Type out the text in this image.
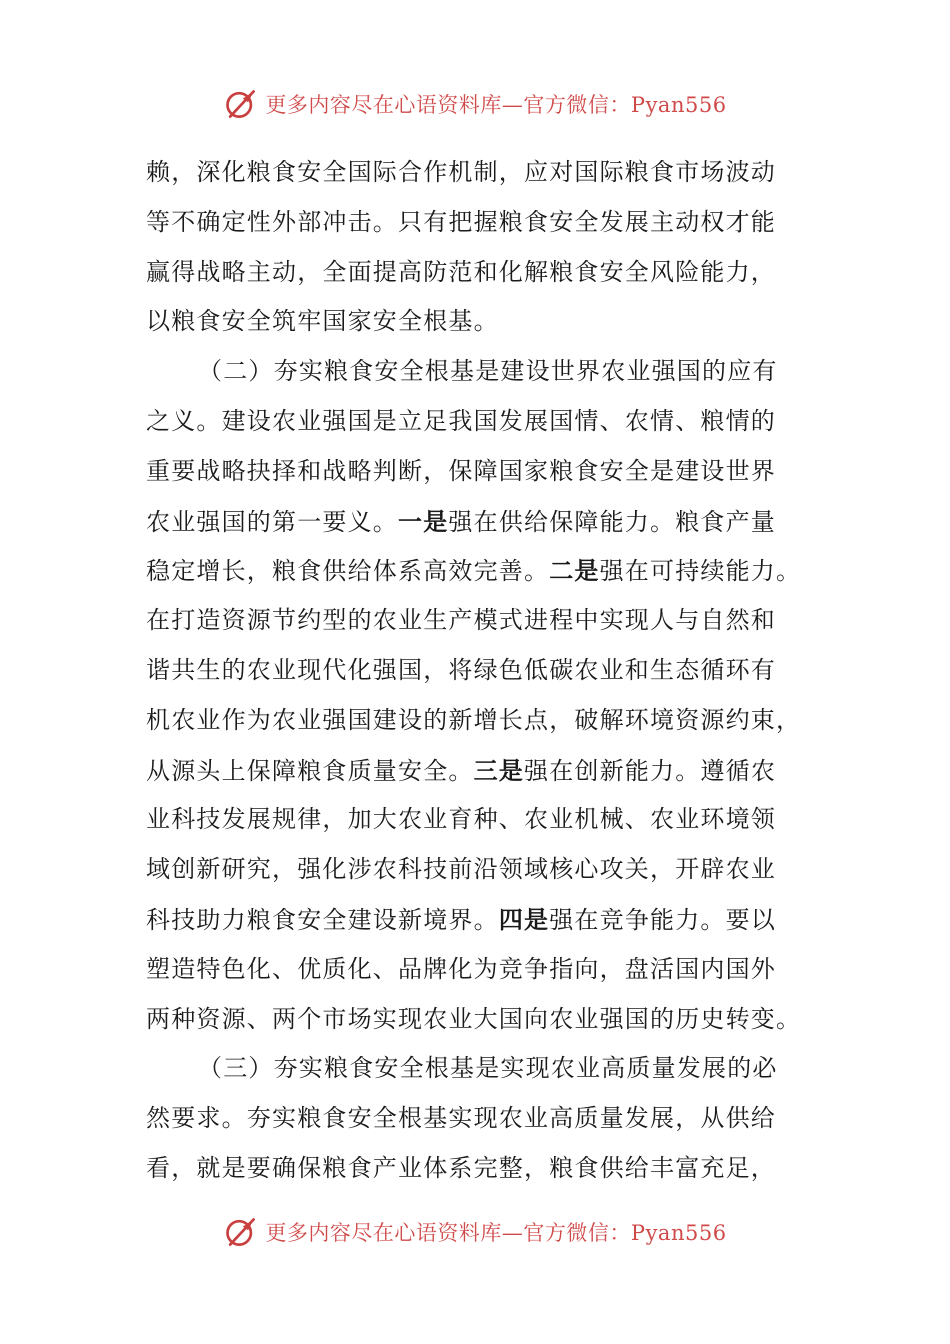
更多内容尽在心语资料库—官方微信：Pyan556
赖，深化粮食安全国际合作机制，应对国际粮食市场波动
等不确定性外部冲击。只有把握粮食安全发展主动权才能
赢得战略主动，全面提高防范和化解粮食安全风险能力，
以粮食安全筑牢国家安全根基。
（二）夯实粮食安全根基是建设世界农业强国的应有
之义。建设农业强国是立足我国发展国情、农情、粮情的
重要战略抉择和战略判断，保障国家粮食安全是建设世界
农业强国的第一要义。一是强在供给保障能力。粮食产量
稳定增长，粮食供给体系高效完善。二是强在可持续能力。
在打造资源节约型的农业生产模式进程中实现人与自然和
谐共生的农业现代化强国，将绿色低碳农业和生态循环有
机农业作为农业强国建设的新增长点，破解环境资源约束，
从源头上保障粮食质量安全。三是强在创新能力。遵循农
业科技发展规律，加大农业育种、农业机械、农业环境领
域创新研究，强化涉农科技前沿领域核心攻关，开辟农业
科技助力粮食安全建设新境界。四是强在竞争能力。要以
塑造特色化、优质化、品牌化为竞争指向，盘活国内国外
两种资源、两个市场实现农业大国向农业强国的历史转变。
（三）夯实粮食安全根基是实现农业高质量发展的必
然要求。夯实粮食安全根基实现农业高质量发展，从供给
看，就是要确保粮食产业体系完整，粮食供给丰富充足，
更多内容尽在心语资料库—官方微信：Pyan556
